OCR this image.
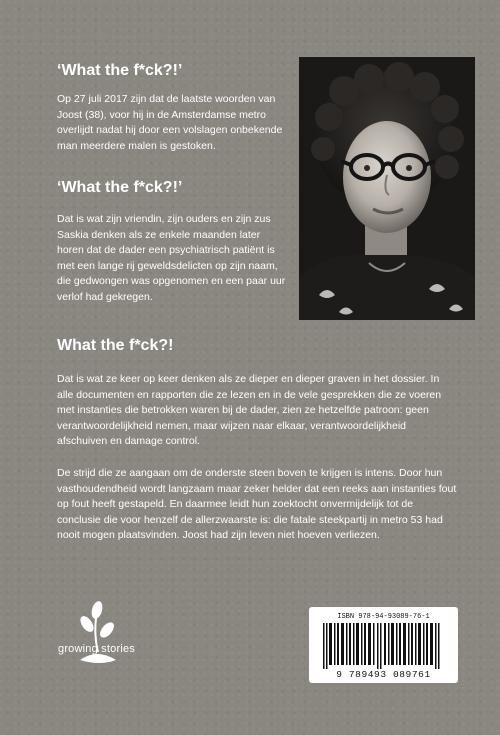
‘What the f*ck?!’

Op 27 juli 2017 zijn dat de laatste woorden van Joost (38), voor hij in de Amsterdamse metro overlijdt nadat hij door een volslagen onbekende man meerdere malen is gestoken.

‘What the f*ck?!’

Dat is wat zijn vriendin, zijn ouders en zijn zus Saskia denken als ze enkele maanden later horen dat de dader een psychiatrisch patiënt is met een lange rij geweldsdelicten op zijn naam, die gedwongen was opgenomen en een paar uur verlof had gekregen.

What the f*ck?!

Dat is wat ze keer op keer denken als ze dieper en dieper graven in het dossier. In alle documenten en rapporten die ze lezen en in de vele gesprekken die ze voeren met instanties die betrokken waren bij de dader, zien ze hetzelfde patroon: geen verantwoordelijkheid nemen, maar wijzen naar elkaar, verantwoordelijkheid afschuiven en damage control.

De strijd die ze aangaan om de onderste steen boven te krijgen is intens. Door hun vasthoudendheid wordt langzaam maar zeker helder dat een reeks aan instanties fout op fout heeft gestapeld. En daarmee leidt hun zoektocht onvermijdelijk tot de conclusie die voor henzelf de allerzwaarste is: die fatale steekpartij in metro 53 had nooit mogen plaatsvinden. Joost had zijn leven niet hoeven verliezen.

growing stories
ISBN 978-94-93089-76-1
9 789493 089761
